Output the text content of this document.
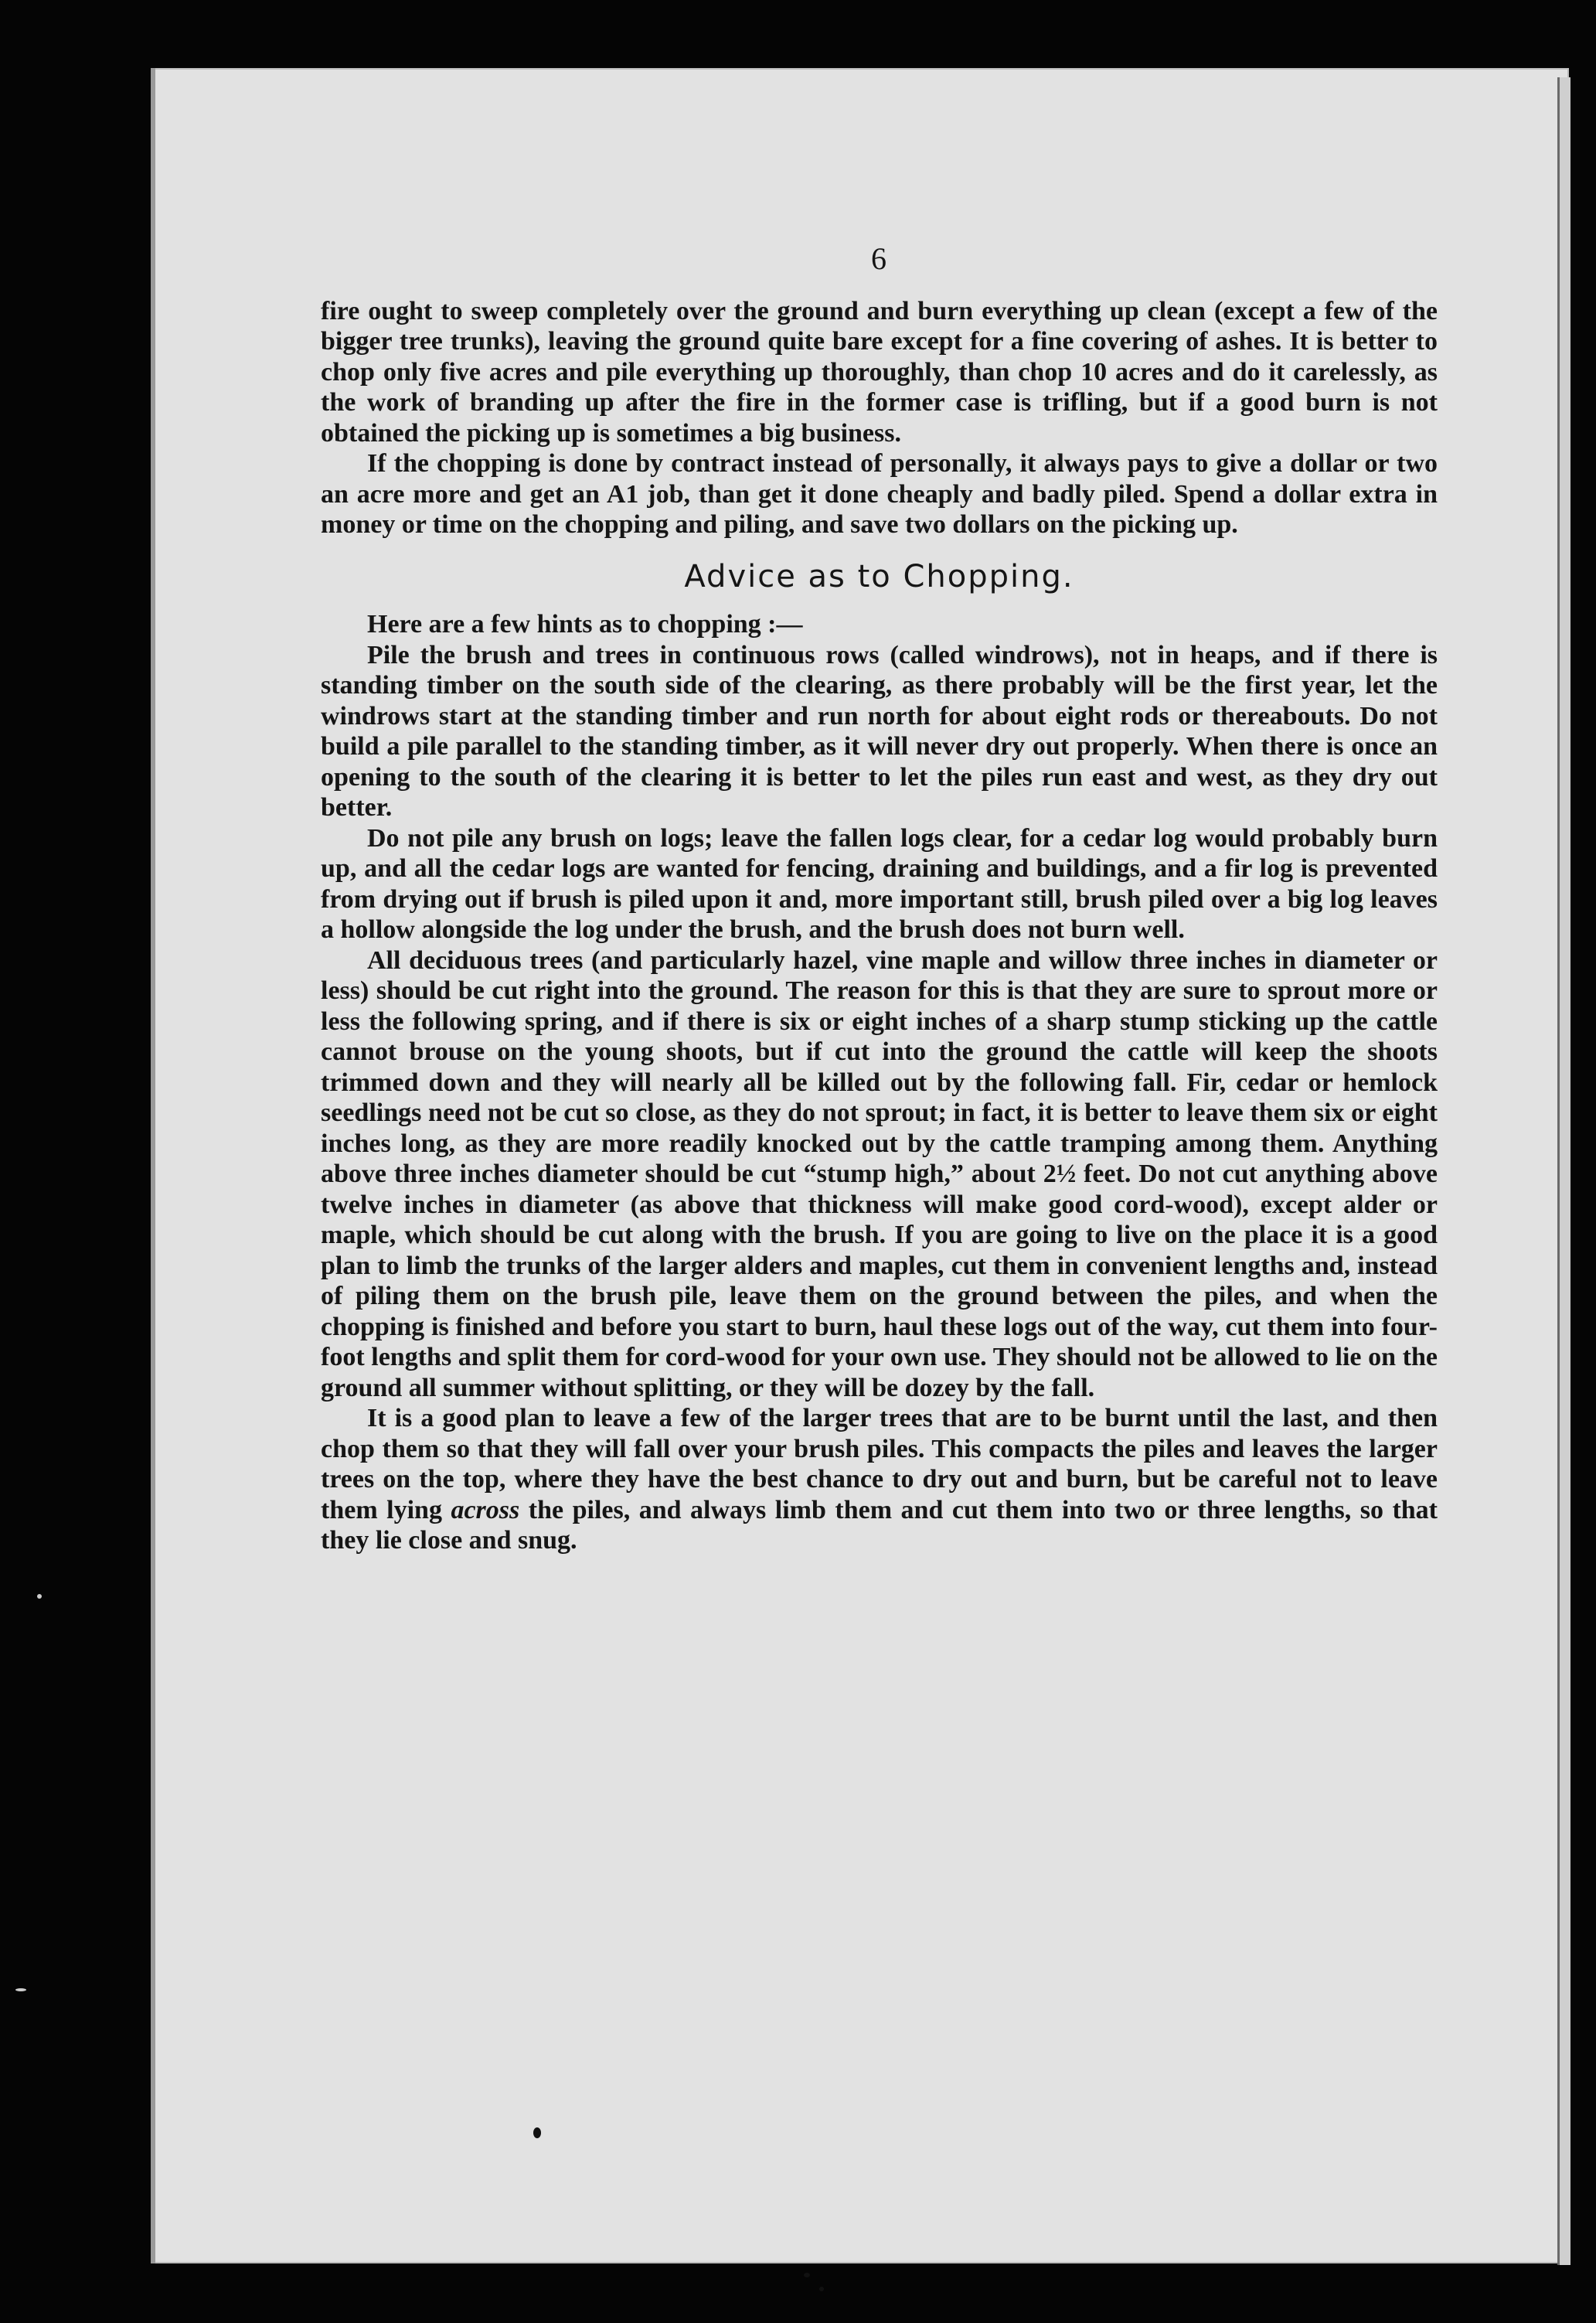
6

fire ought to sweep completely over the ground and burn everything up clean (except a few of the bigger tree trunks), leaving the ground quite bare except for a fine covering of ashes. It is better to chop only five acres and pile everything up thoroughly, than chop 10 acres and do it carelessly, as the work of branding up after the fire in the former case is trifling, but if a good burn is not obtained the picking up is sometimes a big business.

If the chopping is done by contract instead of personally, it always pays to give a dollar or two an acre more and get an A1 job, than get it done cheaply and badly piled. Spend a dollar extra in money or time on the chopping and piling, and save two dollars on the picking up.

Advice as to Chopping.

Here are a few hints as to chopping :—

Pile the brush and trees in continuous rows (called windrows), not in heaps, and if there is standing timber on the south side of the clearing, as there probably will be the first year, let the windrows start at the standing timber and run north for about eight rods or thereabouts. Do not build a pile parallel to the standing timber, as it will never dry out properly. When there is once an opening to the south of the clearing it is better to let the piles run east and west, as they dry out better.

Do not pile any brush on logs; leave the fallen logs clear, for a cedar log would probably burn up, and all the cedar logs are wanted for fencing, draining and buildings, and a fir log is prevented from drying out if brush is piled upon it and, more important still, brush piled over a big log leaves a hollow alongside the log under the brush, and the brush does not burn well.

All deciduous trees (and particularly hazel, vine maple and willow three inches in diameter or less) should be cut right into the ground. The reason for this is that they are sure to sprout more or less the following spring, and if there is six or eight inches of a sharp stump sticking up the cattle cannot brouse on the young shoots, but if cut into the ground the cattle will keep the shoots trimmed down and they will nearly all be killed out by the following fall. Fir, cedar or hemlock seedlings need not be cut so close, as they do not sprout; in fact, it is better to leave them six or eight inches long, as they are more readily knocked out by the cattle tramping among them. Anything above three inches diameter should be cut “stump high,” about 2½ feet. Do not cut anything above twelve inches in diameter (as above that thickness will make good cord-wood), except alder or maple, which should be cut along with the brush. If you are going to live on the place it is a good plan to limb the trunks of the larger alders and maples, cut them in convenient lengths and, instead of piling them on the brush pile, leave them on the ground between the piles, and when the chopping is finished and before you start to burn, haul these logs out of the way, cut them into four-foot lengths and split them for cord-wood for your own use. They should not be allowed to lie on the ground all summer without splitting, or they will be dozey by the fall.

It is a good plan to leave a few of the larger trees that are to be burnt until the last, and then chop them so that they will fall over your brush piles. This compacts the piles and leaves the larger trees on the top, where they have the best chance to dry out and burn, but be careful not to leave them lying across the piles, and always limb them and cut them into two or three lengths, so that they lie close and snug.
